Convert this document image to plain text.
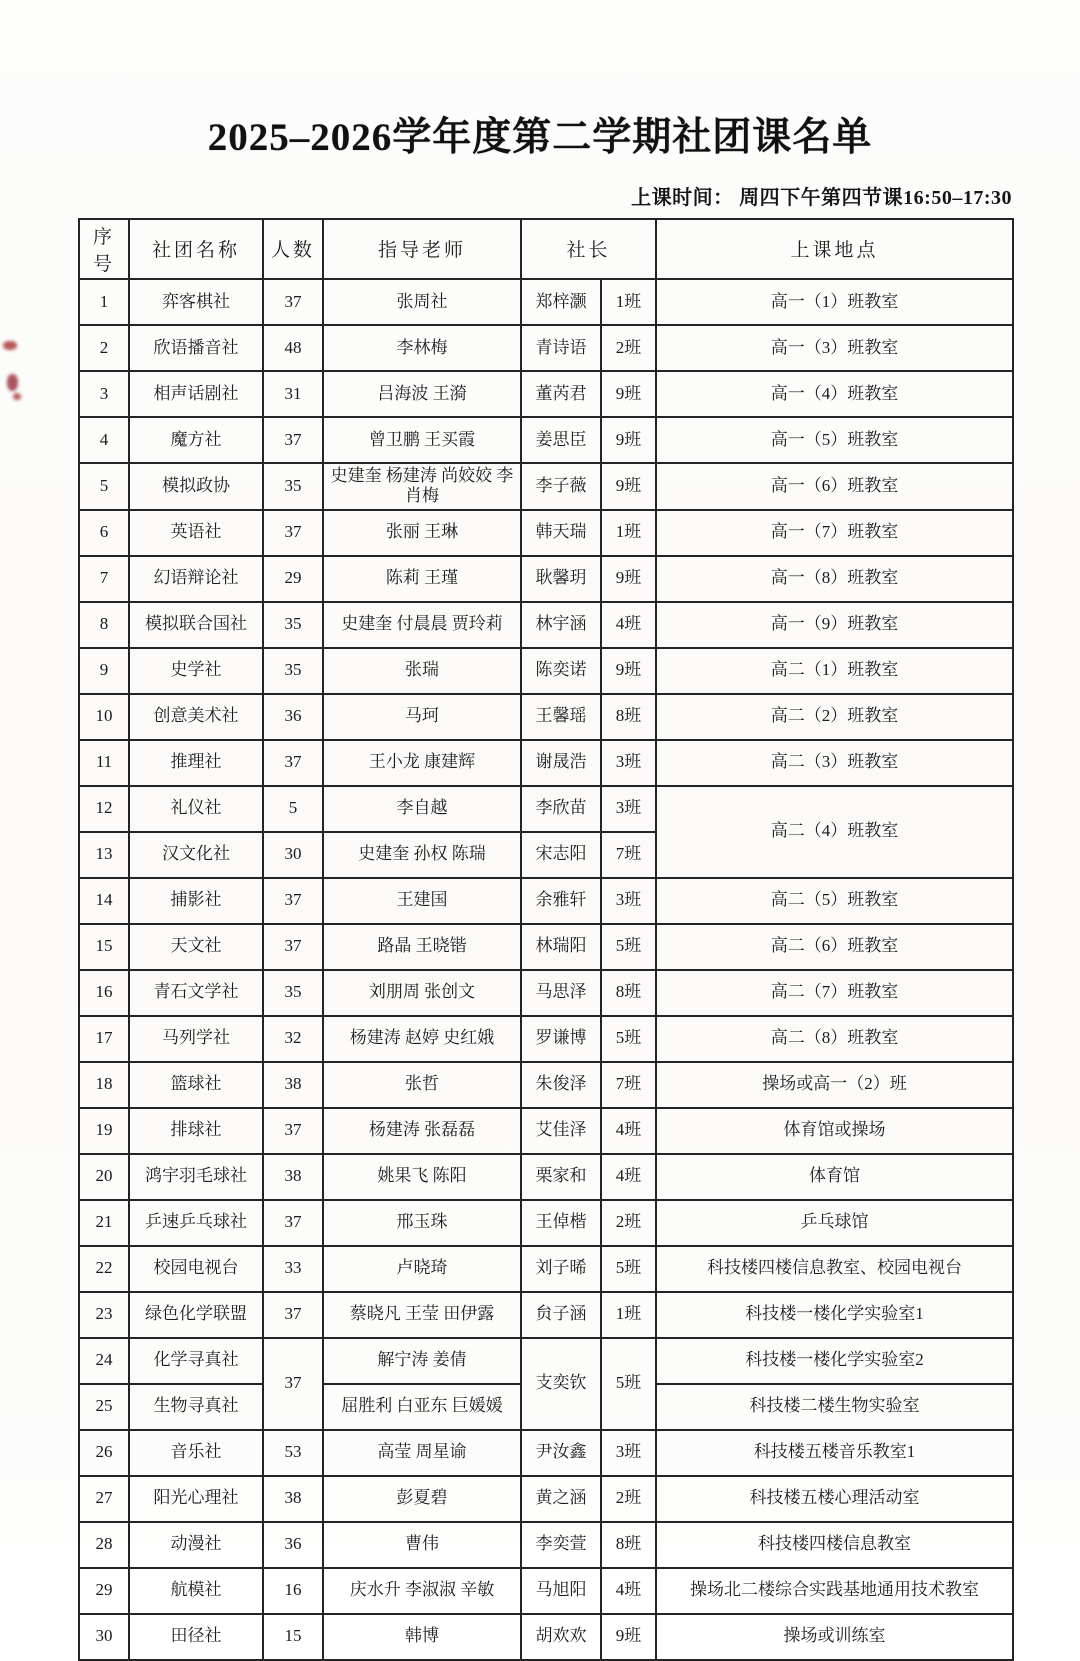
2025–2026学年度第二学期社团课名单
上课时间： 周四下午第四节课16:50–17:30
序号	社团名称	人数	指导老师	社长		上课地点
1	弈客棋社	37	张周社	郑梓灏	1班	高一（1）班教室
2	欣语播音社	48	李林梅	青诗语	2班	高一（3）班教室
3	相声话剧社	31	吕海波 王漪	董芮君	9班	高一（4）班教室
4	魔方社	37	曾卫鹏 王买霞	姜思臣	9班	高一（5）班教室
5	模拟政协	35	史建奎 杨建涛 尚姣姣 李肖梅	李子薇	9班	高一（6）班教室
6	英语社	37	张丽 王琳	韩天瑞	1班	高一（7）班教室
7	幻语辩论社	29	陈莉 王瑾	耿馨玥	9班	高一（8）班教室
8	模拟联合国社	35	史建奎 付晨晨 贾玲莉	林宇涵	4班	高一（9）班教室
9	史学社	35	张瑞	陈奕诺	9班	高二（1）班教室
10	创意美术社	36	马珂	王馨瑶	8班	高二（2）班教室
11	推理社	37	王小龙 康建辉	谢晟浩	3班	高二（3）班教室
12	礼仪社	5	李自越	李欣苗	3班	高二（4）班教室
13	汉文化社	30	史建奎 孙权 陈瑞	宋志阳	7班	
14	捕影社	37	王建国	余雅轩	3班	高二（5）班教室
15	天文社	37	路晶 王晓锴	林瑞阳	5班	高二（6）班教室
16	青石文学社	35	刘朋周 张创文	马思泽	8班	高二（7）班教室
17	马列学社	32	杨建涛 赵婷 史红娥	罗谦博	5班	高二（8）班教室
18	篮球社	38	张哲	朱俊泽	7班	操场或高一（2）班
19	排球社	37	杨建涛 张磊磊	艾佳泽	4班	体育馆或操场
20	鸿宇羽毛球社	38	姚果飞 陈阳	栗家和	4班	体育馆
21	乒速乒乓球社	37	邢玉珠	王倬楷	2班	乒乓球馆
22	校园电视台	33	卢晓琦	刘子晞	5班	科技楼四楼信息教室、校园电视台
23	绿色化学联盟	37	蔡晓凡 王莹 田伊露	贠子涵	1班	科技楼一楼化学实验室1
24	化学寻真社	37	解宁涛 姜倩	支奕钦	5班	科技楼一楼化学实验室2
25	生物寻真社		屈胜利 白亚东 巨媛媛			科技楼二楼生物实验室
26	音乐社	53	高莹 周星谕	尹汝鑫	3班	科技楼五楼音乐教室1
27	阳光心理社	38	彭夏碧	黄之涵	2班	科技楼五楼心理活动室
28	动漫社	36	曹伟	李奕萱	8班	科技楼四楼信息教室
29	航模社	16	庆水升 李淑淑 辛敏	马旭阳	4班	操场北二楼综合实践基地通用技术教室
30	田径社	15	韩博	胡欢欢	9班	操场或训练室
